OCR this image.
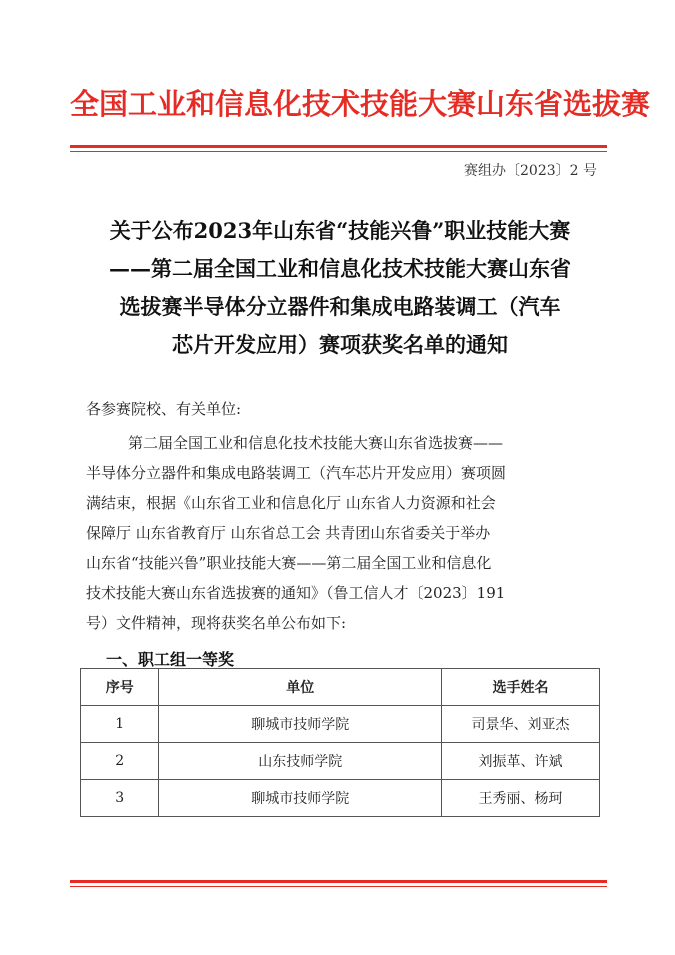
全国工业和信息化技术技能大赛山东省选拔赛
赛组办〔2023〕2 号
关于公布2023年山东省“技能兴鲁”职业技能大赛
——第二届全国工业和信息化技术技能大赛山东省
选拔赛半导体分立器件和集成电路装调工（汽车
芯片开发应用）赛项获奖名单的通知
各参赛院校、有关单位:
第二届全国工业和信息化技术技能大赛山东省选拔赛——
半导体分立器件和集成电路装调工（汽车芯片开发应用）赛项圆
满结束，根据《山东省工业和信息化厅 山东省人力资源和社会
保障厅 山东省教育厅 山东省总工会 共青团山东省委关于举办
山东省“技能兴鲁”职业技能大赛——第二届全国工业和信息化
技术技能大赛山东省选拔赛的通知》（鲁工信人才〔2023〕191
号）文件精神，现将获奖名单公布如下:
一、职工组一等奖
序号	单位	选手姓名
1	聊城市技师学院	司景华、刘亚杰
2	山东技师学院	刘振革、许斌
3	聊城市技师学院	王秀丽、杨珂
